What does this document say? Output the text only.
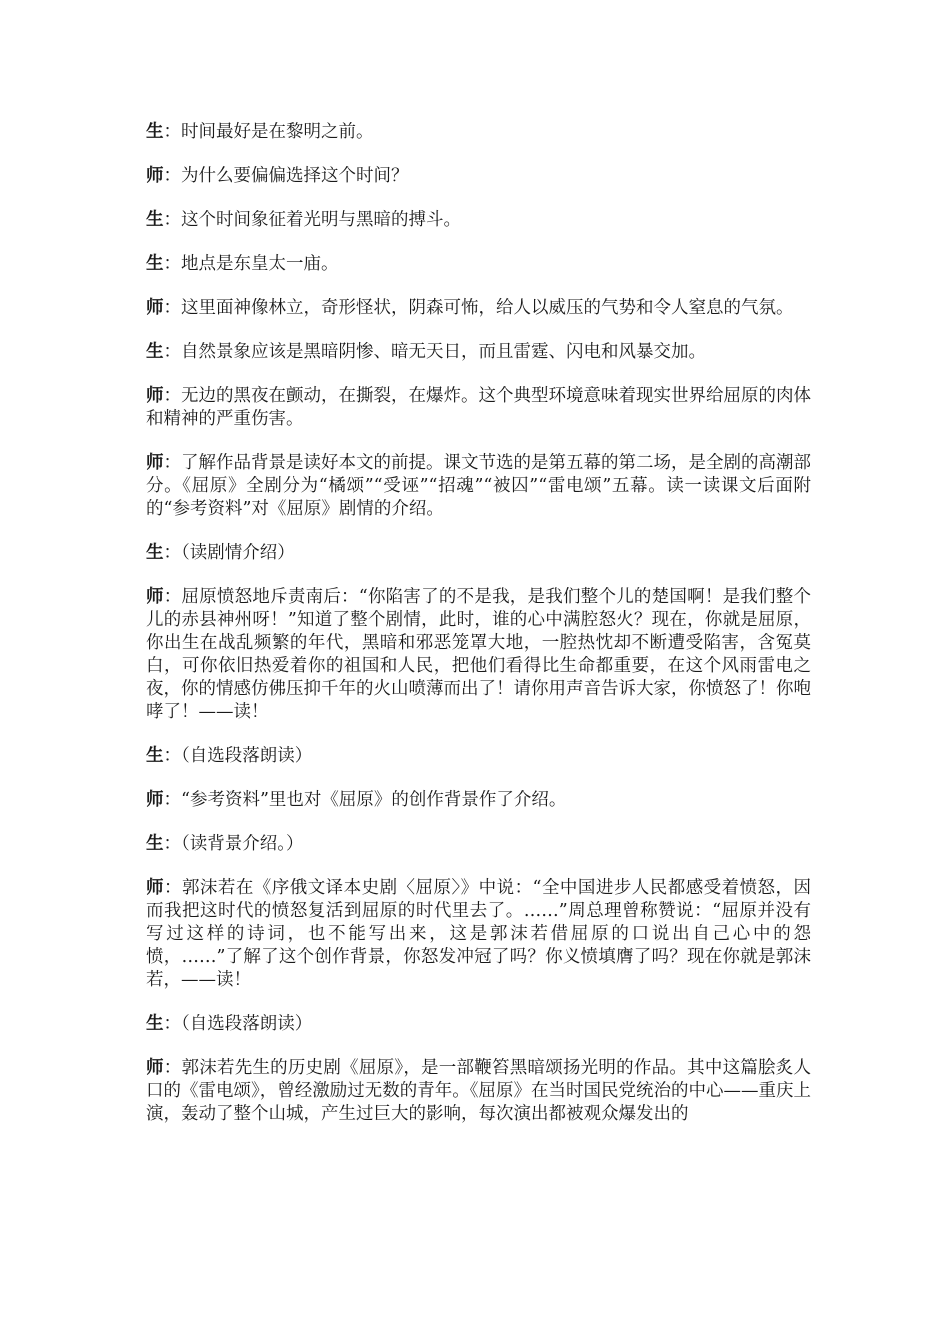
生：时间最好是在黎明之前。

师：为什么要偏偏选择这个时间？

生：这个时间象征着光明与黑暗的搏斗。

生：地点是东皇太一庙。

师：这里面神像林立，奇形怪状，阴森可怖，给人以威压的气势和令人窒息的气氛。

生：自然景象应该是黑暗阴惨、暗无天日，而且雷霆、闪电和风暴交加。

师：无边的黑夜在颤动，在撕裂，在爆炸。这个典型环境意味着现实世界给屈原的肉体和精神的严重伤害。

师：了解作品背景是读好本文的前提。课文节选的是第五幕的第二场，是全剧的高潮部分。《屈原》全剧分为“橘颂”“受诬”“招魂”“被囚”“雷电颂”五幕。读一读课文后面附的“参考资料”对《屈原》剧情的介绍。

生：（读剧情介绍）

师：屈原愤怒地斥责南后：“你陷害了的不是我，是我们整个儿的楚国啊！是我们整个儿的赤县神州呀！”知道了整个剧情，此时，谁的心中满腔怒火？现在，你就是屈原，你出生在战乱频繁的年代，黑暗和邪恶笼罩大地，一腔热忱却不断遭受陷害，含冤莫白，可你依旧热爱着你的祖国和人民，把他们看得比生命都重要，在这个风雨雷电之夜，你的情感仿佛压抑千年的火山喷薄而出了！请你用声音告诉大家，你愤怒了！你咆哮了！——读！

生：（自选段落朗读）

师：“参考资料”里也对《屈原》的创作背景作了介绍。

生：（读背景介绍。）

师：郭沫若在《序俄文译本史剧〈屈原〉》中说：“全中国进步人民都感受着愤怒，因而我把这时代的愤怒复活到屈原的时代里去了。……”周总理曾称赞说：“屈原并没有写过这样的诗词，也不能写出来，这是郭沫若借屈原的口说出自己心中的怨愤，……”了解了这个创作背景，你怒发冲冠了吗？你义愤填膺了吗？现在你就是郭沫若，——读！

生：（自选段落朗读）

师：郭沫若先生的历史剧《屈原》，是一部鞭笞黑暗颂扬光明的作品。其中这篇脍炙人口的《雷电颂》，曾经激励过无数的青年。《屈原》在当时国民党统治的中心——重庆上演，轰动了整个山城，产生过巨大的影响，每次演出都被观众爆发出的
